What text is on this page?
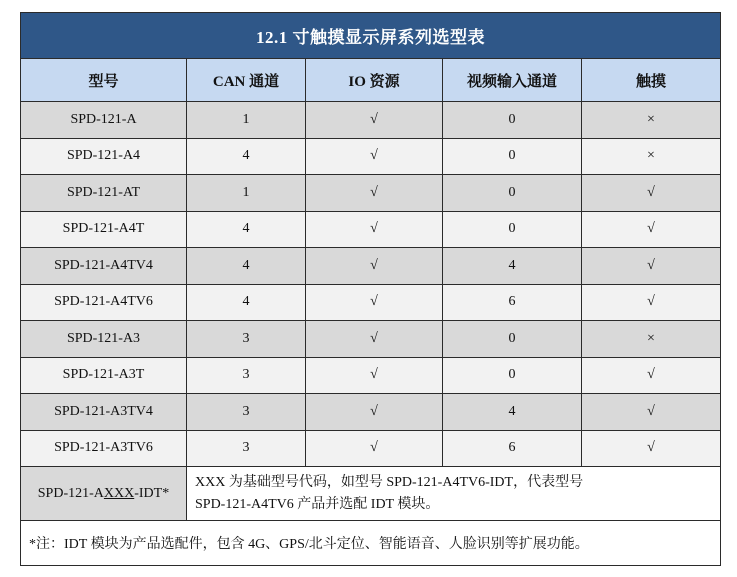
12.1 寸触摸显示屏系列选型表				
型号	CAN 通道	IO 资源	视频输入通道	触摸
SPD-121-A	1	√	0	×
SPD-121-A4	4	√	0	×
SPD-121-AT	1	√	0	√
SPD-121-A4T	4	√	0	√
SPD-121-A4TV4	4	√	4	√
SPD-121-A4TV6	4	√	6	√
SPD-121-A3	3	√	0	×
SPD-121-A3T	3	√	0	√
SPD-121-A3TV4	3	√	4	√
SPD-121-A3TV6	3	√	6	√
SPD-121-AXXX-IDT*	XXX 为基础型号代码，如型号 SPD-121-A4TV6-IDT，代表型号
SPD-121-A4TV6 产品并选配 IDT 模块。			

*注：IDT 模块为产品选配件，包含 4G、GPS/北斗定位、智能语音、人脸识别等扩展功能。				
